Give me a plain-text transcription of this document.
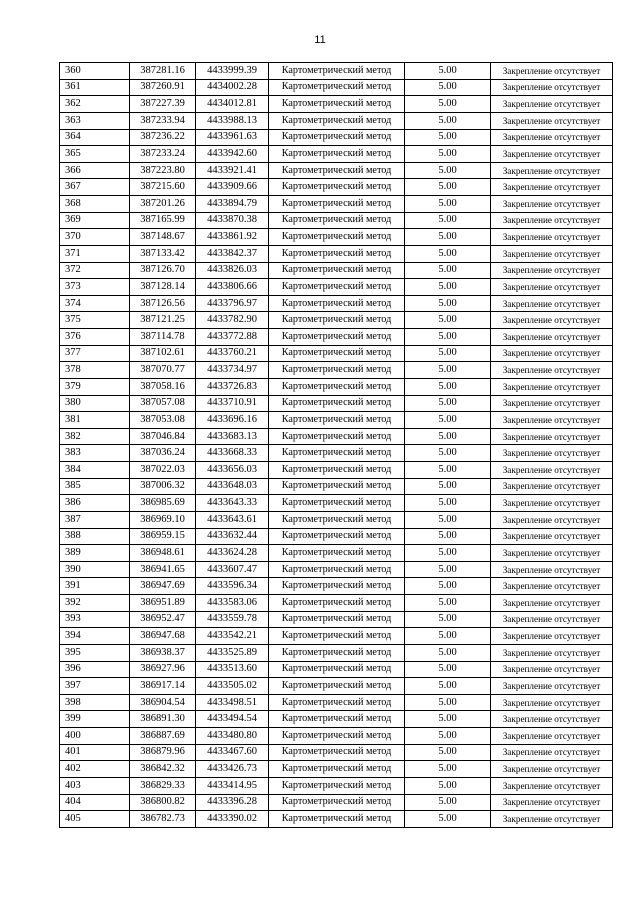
11
360	387281.16	4433999.39	Картометрический метод	5.00	Закрепление отсутствует
361	387260.91	4434002.28	Картометрический метод	5.00	Закрепление отсутствует
362	387227.39	4434012.81	Картометрический метод	5.00	Закрепление отсутствует
363	387233.94	4433988.13	Картометрический метод	5.00	Закрепление отсутствует
364	387236.22	4433961.63	Картометрический метод	5.00	Закрепление отсутствует
365	387233.24	4433942.60	Картометрический метод	5.00	Закрепление отсутствует
366	387223.80	4433921.41	Картометрический метод	5.00	Закрепление отсутствует
367	387215.60	4433909.66	Картометрический метод	5.00	Закрепление отсутствует
368	387201.26	4433894.79	Картометрический метод	5.00	Закрепление отсутствует
369	387165.99	4433870.38	Картометрический метод	5.00	Закрепление отсутствует
370	387148.67	4433861.92	Картометрический метод	5.00	Закрепление отсутствует
371	387133.42	4433842.37	Картометрический метод	5.00	Закрепление отсутствует
372	387126.70	4433826.03	Картометрический метод	5.00	Закрепление отсутствует
373	387128.14	4433806.66	Картометрический метод	5.00	Закрепление отсутствует
374	387126.56	4433796.97	Картометрический метод	5.00	Закрепление отсутствует
375	387121.25	4433782.90	Картометрический метод	5.00	Закрепление отсутствует
376	387114.78	4433772.88	Картометрический метод	5.00	Закрепление отсутствует
377	387102.61	4433760.21	Картометрический метод	5.00	Закрепление отсутствует
378	387070.77	4433734.97	Картометрический метод	5.00	Закрепление отсутствует
379	387058.16	4433726.83	Картометрический метод	5.00	Закрепление отсутствует
380	387057.08	4433710.91	Картометрический метод	5.00	Закрепление отсутствует
381	387053.08	4433696.16	Картометрический метод	5.00	Закрепление отсутствует
382	387046.84	4433683.13	Картометрический метод	5.00	Закрепление отсутствует
383	387036.24	4433668.33	Картометрический метод	5.00	Закрепление отсутствует
384	387022.03	4433656.03	Картометрический метод	5.00	Закрепление отсутствует
385	387006.32	4433648.03	Картометрический метод	5.00	Закрепление отсутствует
386	386985.69	4433643.33	Картометрический метод	5.00	Закрепление отсутствует
387	386969.10	4433643.61	Картометрический метод	5.00	Закрепление отсутствует
388	386959.15	4433632.44	Картометрический метод	5.00	Закрепление отсутствует
389	386948.61	4433624.28	Картометрический метод	5.00	Закрепление отсутствует
390	386941.65	4433607.47	Картометрический метод	5.00	Закрепление отсутствует
391	386947.69	4433596.34	Картометрический метод	5.00	Закрепление отсутствует
392	386951.89	4433583.06	Картометрический метод	5.00	Закрепление отсутствует
393	386952.47	4433559.78	Картометрический метод	5.00	Закрепление отсутствует
394	386947.68	4433542.21	Картометрический метод	5.00	Закрепление отсутствует
395	386938.37	4433525.89	Картометрический метод	5.00	Закрепление отсутствует
396	386927.96	4433513.60	Картометрический метод	5.00	Закрепление отсутствует
397	386917.14	4433505.02	Картометрический метод	5.00	Закрепление отсутствует
398	386904.54	4433498.51	Картометрический метод	5.00	Закрепление отсутствует
399	386891.30	4433494.54	Картометрический метод	5.00	Закрепление отсутствует
400	386887.69	4433480.80	Картометрический метод	5.00	Закрепление отсутствует
401	386879.96	4433467.60	Картометрический метод	5.00	Закрепление отсутствует
402	386842.32	4433426.73	Картометрический метод	5.00	Закрепление отсутствует
403	386829.33	4433414.95	Картометрический метод	5.00	Закрепление отсутствует
404	386800.82	4433396.28	Картометрический метод	5.00	Закрепление отсутствует
405	386782.73	4433390.02	Картометрический метод	5.00	Закрепление отсутствует
